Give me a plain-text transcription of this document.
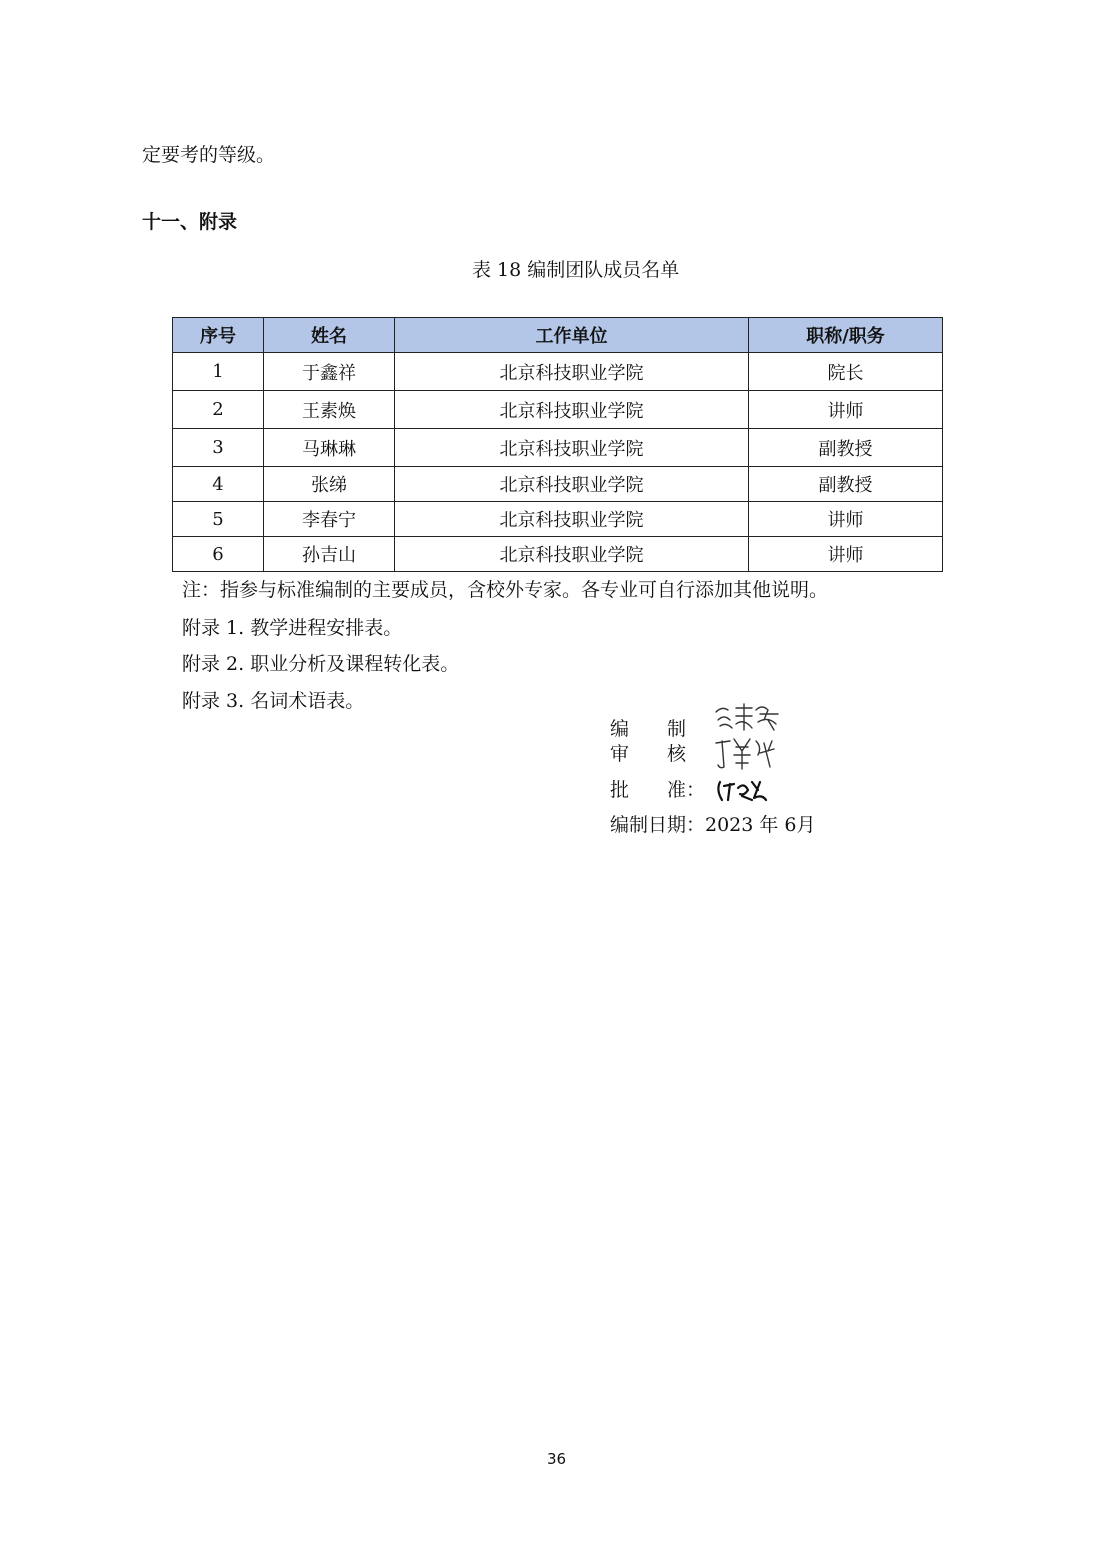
定要考的等级。
十一、附录
表 18 编制团队成员名单
序号	姓名	工作单位	职称/职务
1	于鑫祥	北京科技职业学院	院长
2	王素焕	北京科技职业学院	讲师
3	马琳琳	北京科技职业学院	副教授
4	张绨	北京科技职业学院	副教授
5	李春宁	北京科技职业学院	讲师
6	孙吉山	北京科技职业学院	讲师
注：指参与标准编制的主要成员，含校外专家。各专业可自行添加其他说明。
附录 1. 教学进程安排表。
附录 2. 职业分析及课程转化表。
附录 3. 名词术语表。
编　　制
审　　核
批　　准：
编制日期：2023 年 6月
36
